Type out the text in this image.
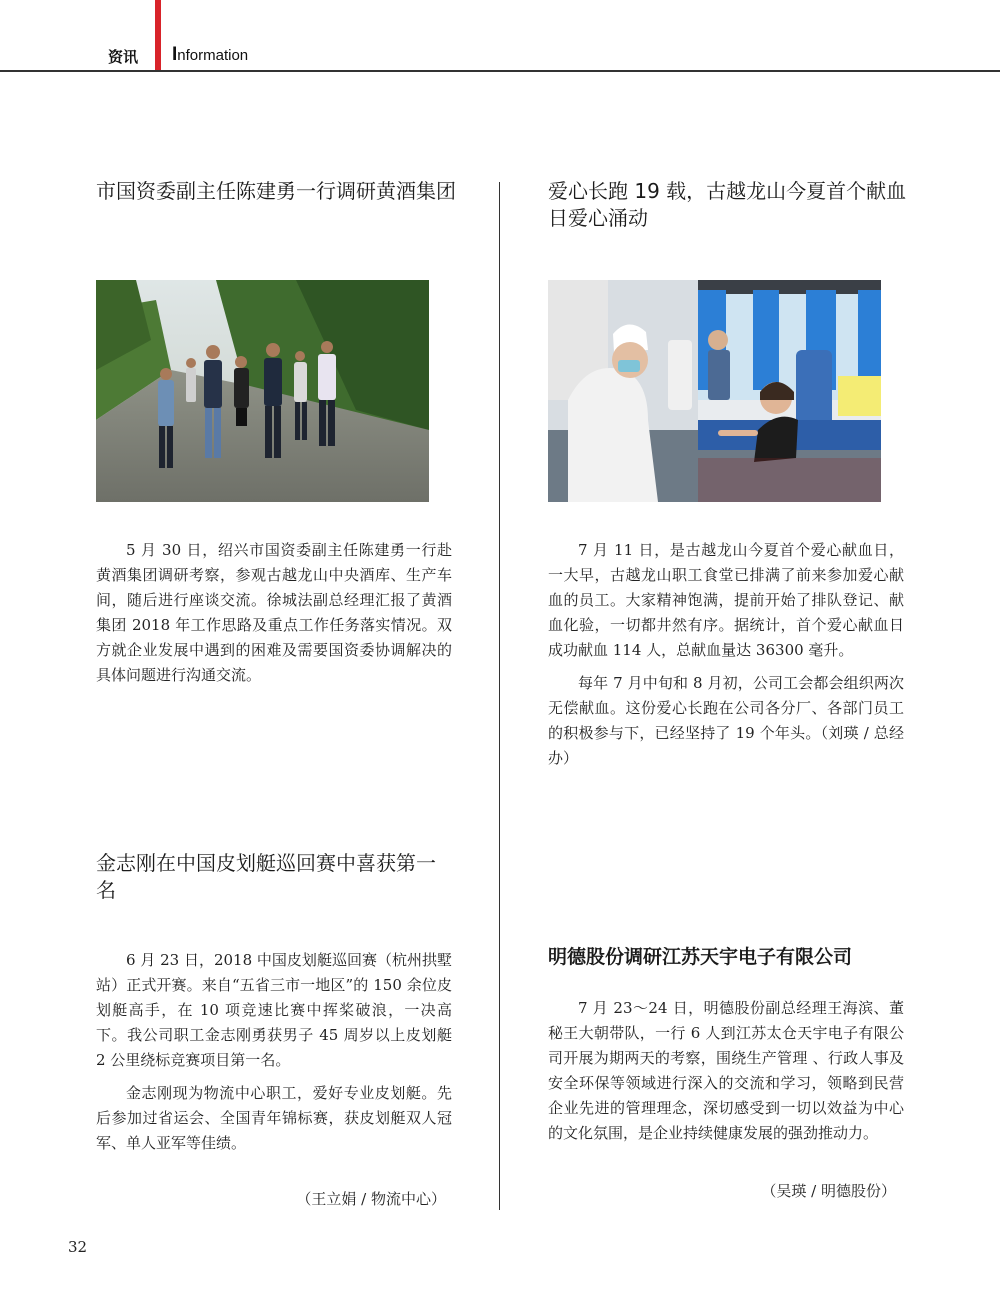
资讯 Information
市国资委副主任陈建勇一行调研黄酒集团

5 月 30 日，绍兴市国资委副主任陈建勇一行赴黄酒集团调研考察，参观古越龙山中央酒库、生产车间，随后进行座谈交流。徐城法副总经理汇报了黄酒集团 2018 年工作思路及重点工作任务落实情况。双方就企业发展中遇到的困难及需要国资委协调解决的具体问题进行沟通交流。

爱心长跑 19 载，古越龙山今夏首个献血日爱心涌动

7 月 11 日，是古越龙山今夏首个爱心献血日，一大早，古越龙山职工食堂已排满了前来参加爱心献血的员工。大家精神饱满，提前开始了排队登记、献血化验，一切都井然有序。据统计，首个爱心献血日成功献血 114 人，总献血量达 36300 毫升。

每年 7 月中旬和 8 月初，公司工会都会组织两次无偿献血。这份爱心长跑在公司各分厂、各部门员工的积极参与下，已经坚持了 19 个年头。（刘瑛 / 总经办）

金志刚在中国皮划艇巡回赛中喜获第一名

6 月 23 日，2018 中国皮划艇巡回赛（杭州拱墅站）正式开赛。来自“五省三市一地区”的 150 余位皮划艇高手，在 10 项竞速比赛中挥桨破浪，一决高下。我公司职工金志刚勇获男子 45 周岁以上皮划艇 2 公里绕标竞赛项目第一名。

金志刚现为物流中心职工，爱好专业皮划艇。先后参加过省运会、全国青年锦标赛，获皮划艇双人冠军、单人亚军等佳绩。

（王立娟 / 物流中心）
明德股份调研江苏天宇电子有限公司

7 月 23～24 日，明德股份副总经理王海滨、董秘王大朝带队，一行 6 人到江苏太仓天宇电子有限公司开展为期两天的考察，围绕生产管理 、行政人事及安全环保等领域进行深入的交流和学习，领略到民营企业先进的管理理念，深切感受到一切以效益为中心的文化氛围，是企业持续健康发展的强劲推动力。

（吴瑛 / 明德股份）
32
